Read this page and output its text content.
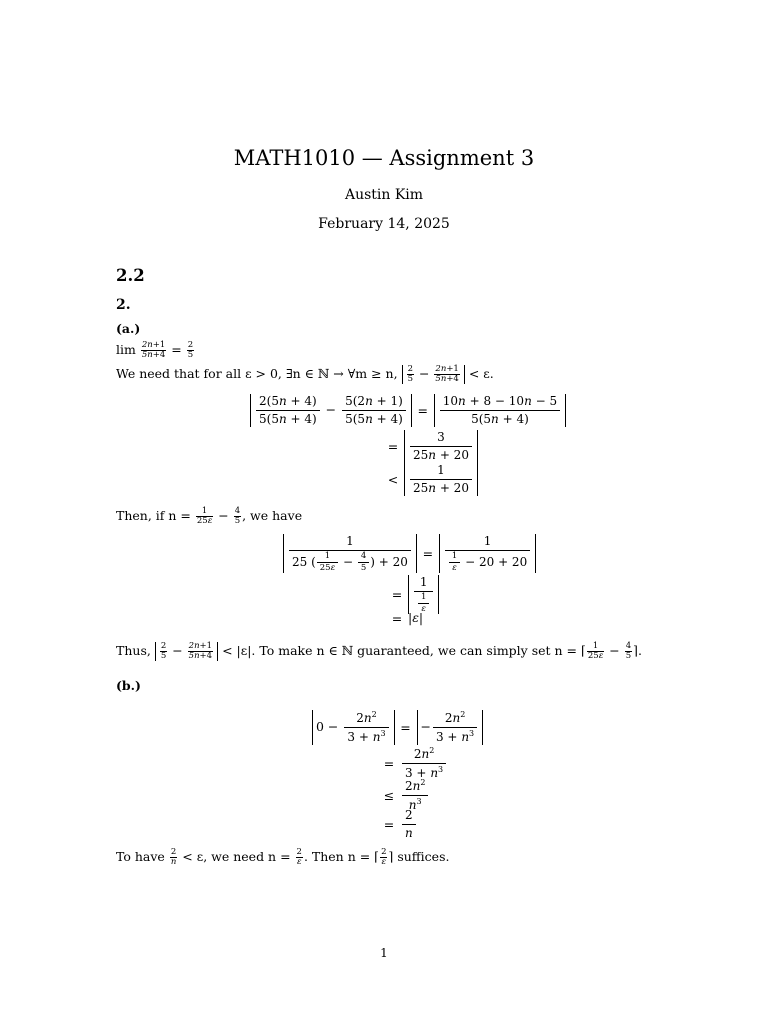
MATH1010 — Assignment 3
Austin Kim
February 14, 2025
2.2
2.
(a.)
$\lim \frac{2n+1}{5n+4} = \frac{2}{5}$
We need that for all ε > 0, ∃n ∈ ℕ → ∀m ≥ n, $\frac{2}{5} - \frac{2n+1}{5n+4} < \varepsilon$.
$\frac{2(5n + 4)}{5(5n + 4)} - \frac{5(2n + 1)}{5(5n + 4)} = \frac{10n + 8 - 10n - 5}{5(5n + 4)}$
= $\frac{3}{25n + 20}$
< $\frac{1}{25n + 20}$
Then, if $n = \frac{1}{25\varepsilon} - \frac{4}{5}$ , we have
$\frac{1}{25 ( \frac{1}{25\varepsilon} - \frac{4}{5} ) + 20} = \frac{1}{\frac{1}{\varepsilon} - 20 + 20}$
= $\frac{1}{\frac{1}{\varepsilon}}$
= |ε|
Thus, $\frac{2}{5} - \frac{2n+1}{5n+4} < |\varepsilon|$. To make n ∈ ℕ guaranteed, we can simply set n = ⌈ $\frac{1}{25\varepsilon} - \frac{4}{5}$ ⌉.
(b.)
$0 - \frac{2n^2}{3 + n^3}$ = − $\frac{2n^2}{3 + n^3}$
= $\frac{2n^2}{3 + n^3}$
≤ $\frac{2n^2}{n^3}$
= $\frac{2}{n}$
To have $\frac{2}{n} < \varepsilon$, we need $n = \frac{2}{\varepsilon}$ . Then n = ⌈ $\frac{2}{\varepsilon}$ ⌉ suffices.
1
